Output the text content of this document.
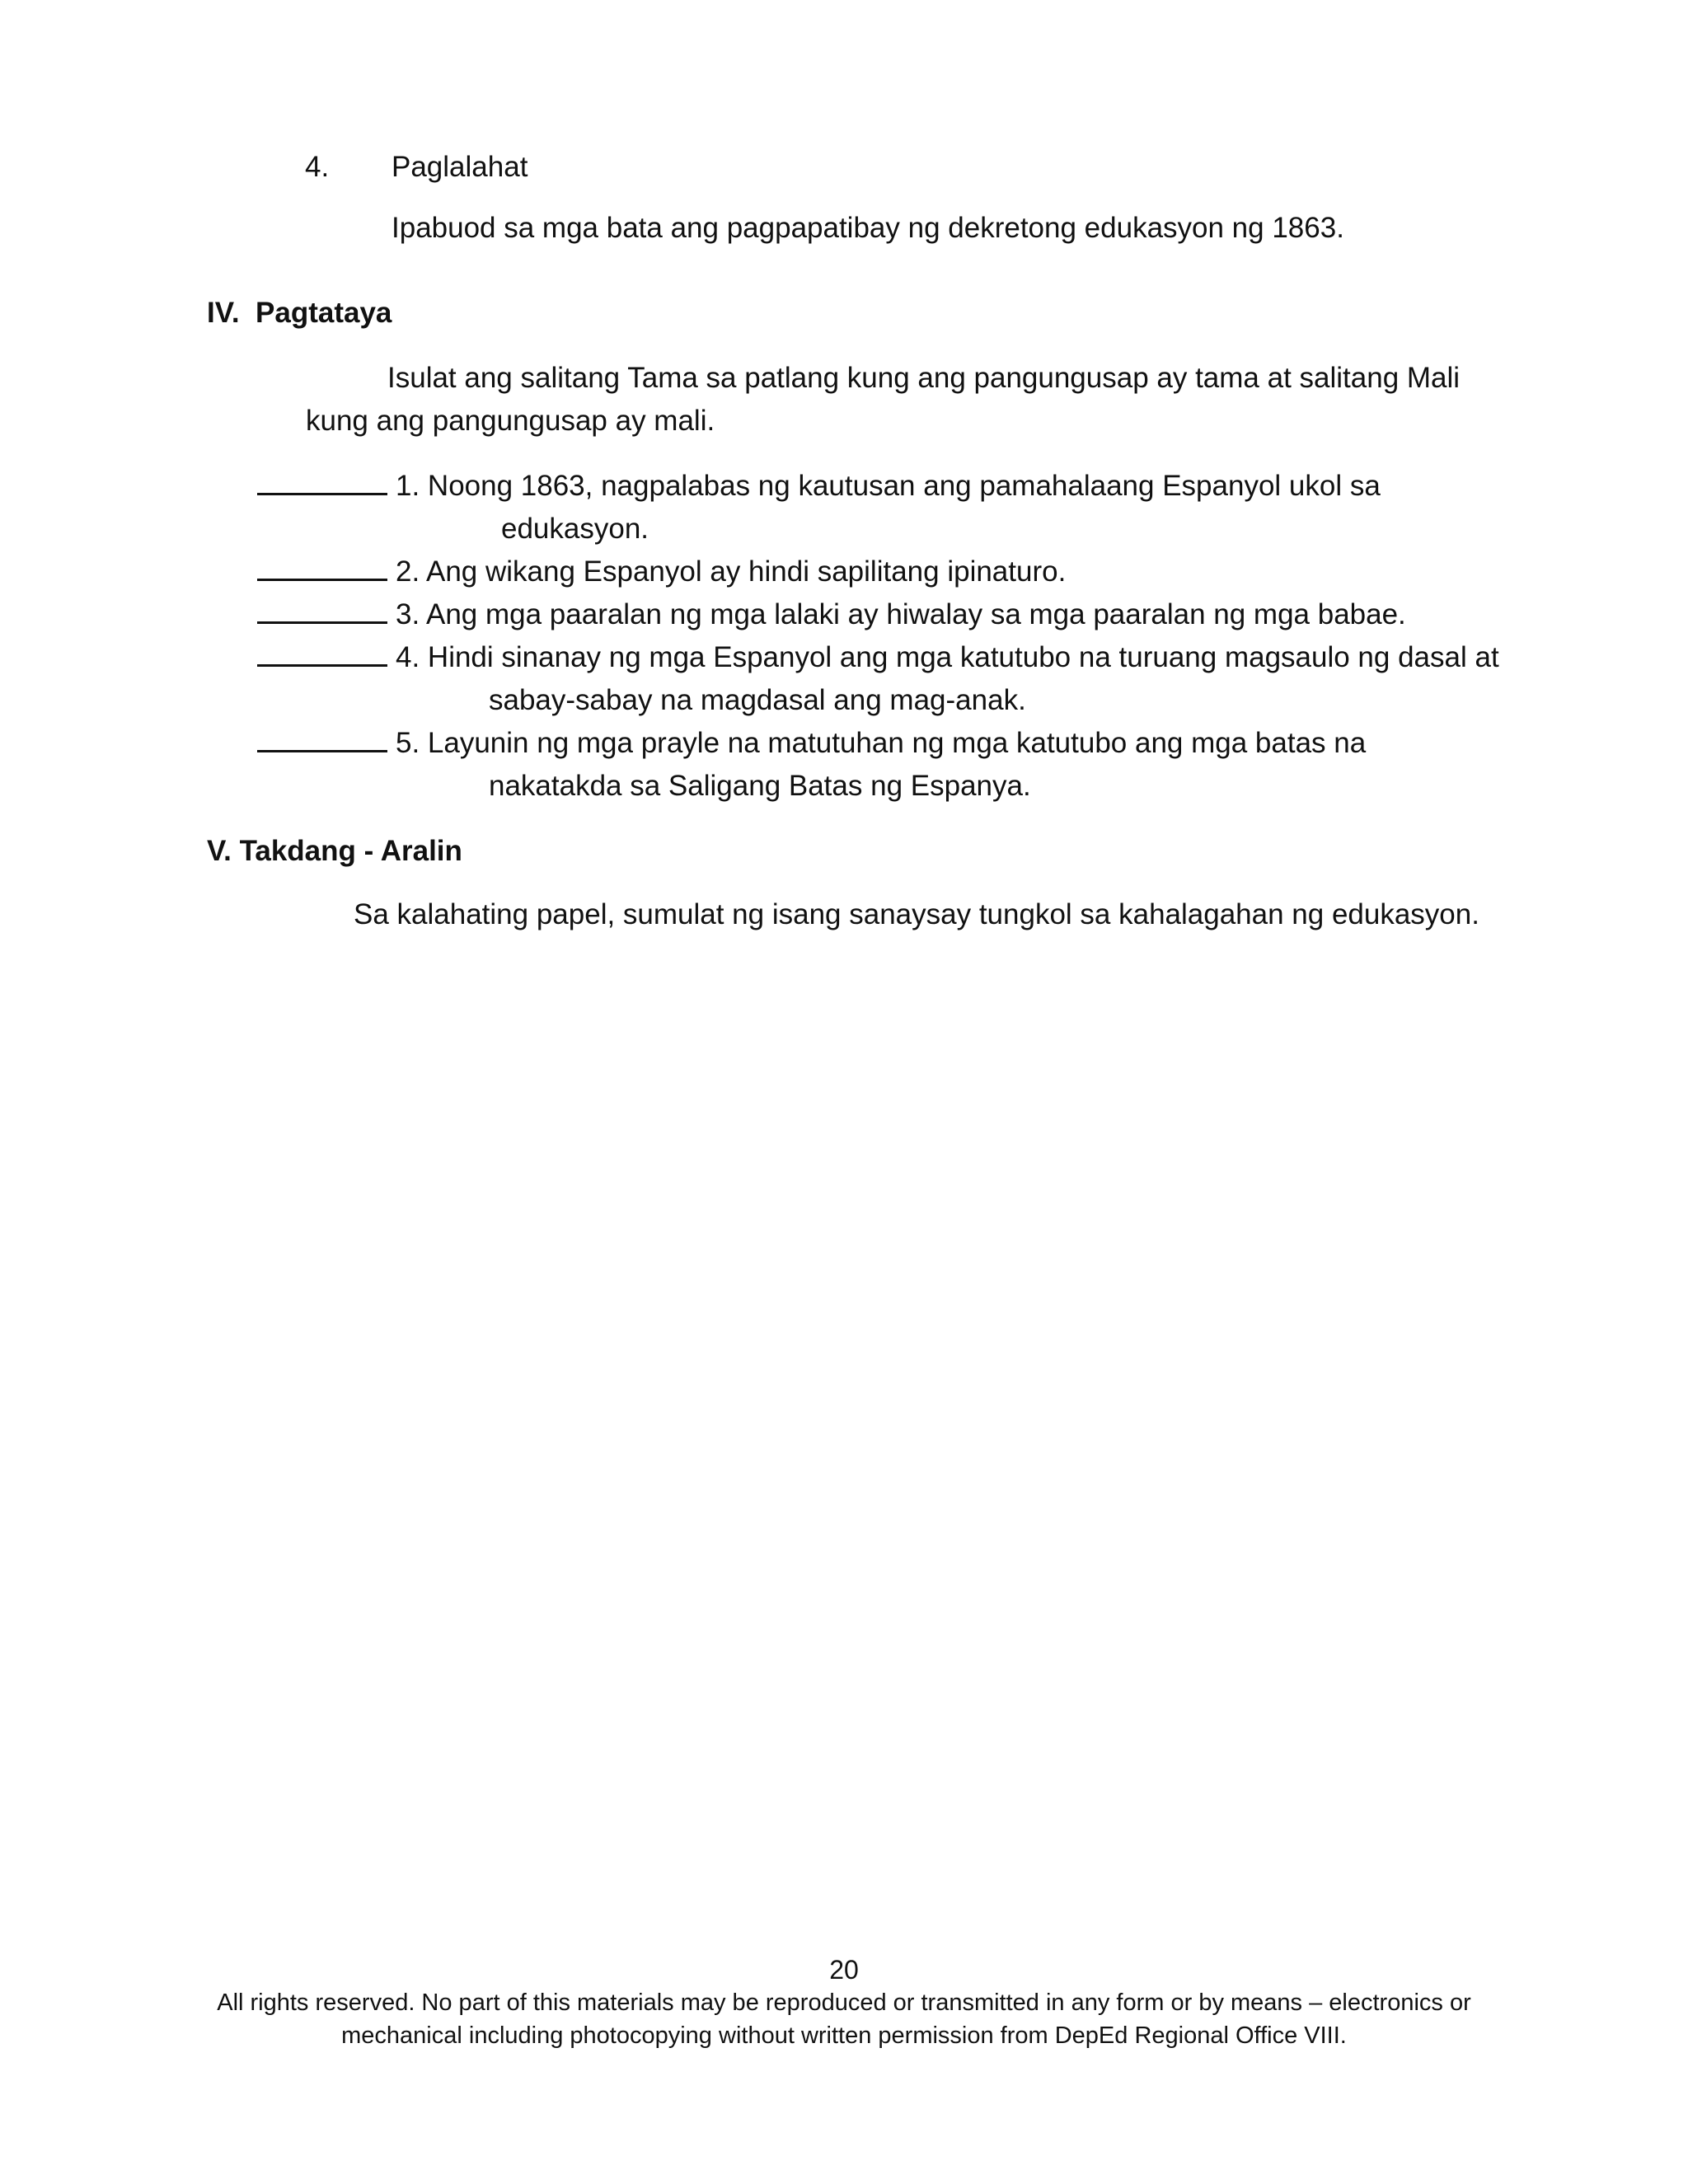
4. Paglalahat
Ipabuod sa mga bata ang pagpapatibay ng dekretong edukasyon ng 1863.
IV.  Pagtataya
Isulat ang salitang Tama sa patlang kung ang pangungusap ay tama at salitang Mali
kung ang pangungusap ay mali.
1. Noong 1863, nagpalabas ng kautusan ang pamahalaang Espanyol ukol sa
edukasyon.
2. Ang wikang Espanyol ay hindi sapilitang ipinaturo.
3. Ang mga paaralan ng mga lalaki ay hiwalay sa mga paaralan ng mga babae.
4. Hindi sinanay ng mga Espanyol ang mga katutubo na turuang magsaulo ng dasal at
sabay-sabay na magdasal ang mag-anak.
5. Layunin ng mga prayle na matutuhan ng mga katutubo ang mga batas na
nakatakda sa Saligang Batas ng Espanya.
V. Takdang - Aralin
Sa kalahating papel, sumulat ng isang sanaysay tungkol sa kahalagahan ng edukasyon.
20
All rights reserved. No part of this materials may be reproduced or transmitted in any form or by means – electronics or
mechanical including photocopying without written permission from DepEd Regional Office VIII.
